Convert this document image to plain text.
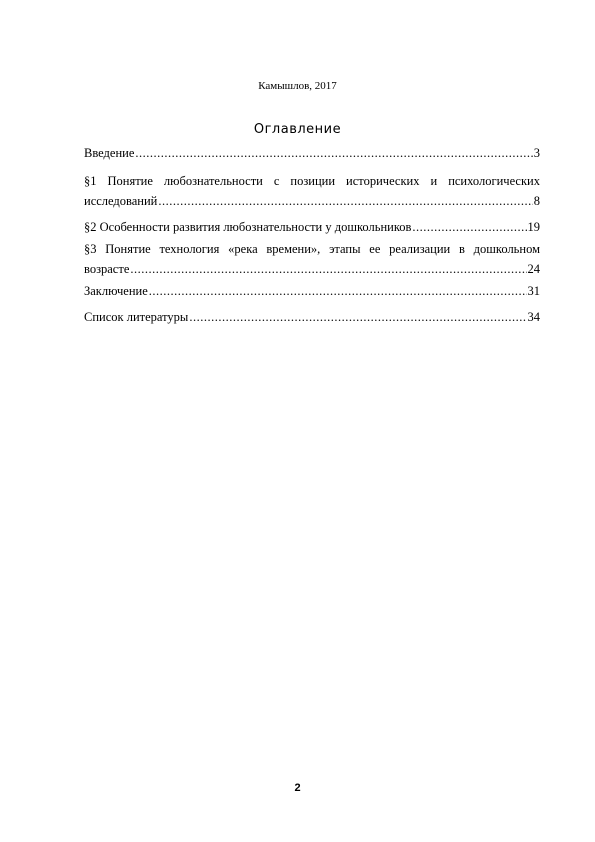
Камышлов, 2017
Оглавление
Введение .....	3
§1 Понятие любознательности с позиции исторических и психологических
исследований .....	8
§2 Особенности развития любознательности у дошкольников .....	19
§3 Понятие технология «река времени», этапы ее реализации в дошкольном
возрасте .....	24
Заключение .....	31
Список литературы .....	34
2
